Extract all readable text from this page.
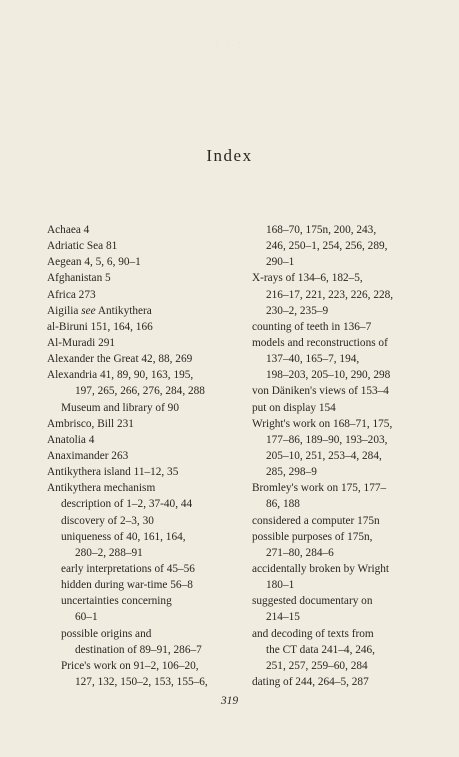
· · ·
Index
Achaea 4
Adriatic Sea 81
Aegean 4, 5, 6, 90–1
Afghanistan 5
Africa 273
Aigilia see Antikythera
al-Biruni 151, 164, 166
Al-Muradi 291
Alexander the Great 42, 88, 269
Alexandria 41, 89, 90, 163, 195,
197, 265, 266, 276, 284, 288
Museum and library of 90
Ambrisco, Bill 231
Anatolia 4
Anaximander 263
Antikythera island 11–12, 35
Antikythera mechanism
description of 1–2, 37-40, 44
discovery of 2–3, 30
uniqueness of 40, 161, 164,
280–2, 288–91
early interpretations of 45–56
hidden during war-time 56–8
uncertainties concerning
60–1
possible origins and
destination of 89–91, 286–7
Price's work on 91–2, 106–20,
127, 132, 150–2, 153, 155–6,
168–70, 175n, 200, 243,
246, 250–1, 254, 256, 289,
290–1
X-rays of 134–6, 182–5,
216–17, 221, 223, 226, 228,
230–2, 235–9
counting of teeth in 136–7
models and reconstructions of
137–40, 165–7, 194,
198–203, 205–10, 290, 298
von Däniken's views of 153–4
put on display 154
Wright's work on 168–71, 175,
177–86, 189–90, 193–203,
205–10, 251, 253–4, 284,
285, 298–9
Bromley's work on 175, 177–
86, 188
considered a computer 175n
possible purposes of 175n,
271–80, 284–6
accidentally broken by Wright
180–1
suggested documentary on
214–15
and decoding of texts from
the CT data 241–4, 246,
251, 257, 259–60, 284
dating of 244, 264–5, 287
319
